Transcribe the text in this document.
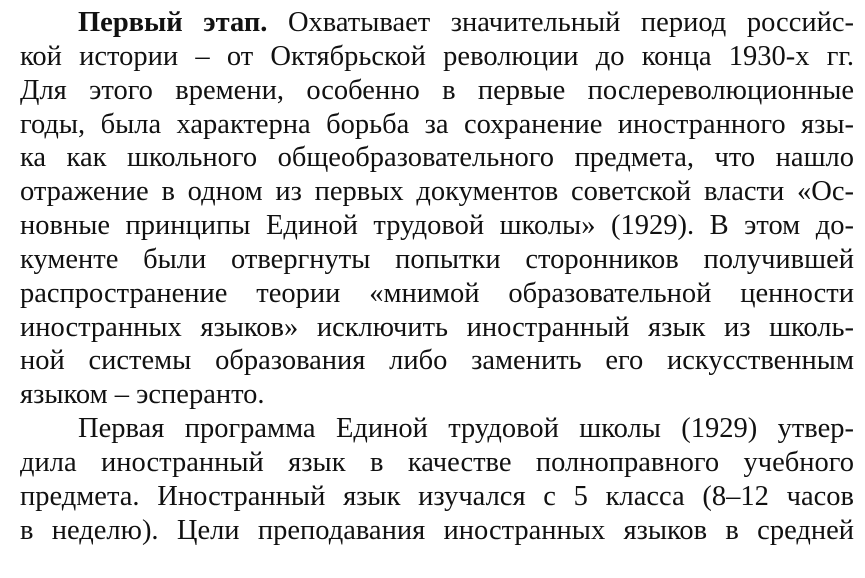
Первый этап. Охватывает значительный период российс-
кой истории – от Октябрьской революции до конца 1930-х гг.
Для этого времени, особенно в первые послереволюционные
годы, была характерна борьба за сохранение иностранного язы-
ка как школьного общеобразовательного предмета, что нашло
отражение в одном из первых документов советской власти «Ос-
новные принципы Единой трудовой школы» (1929). В этом до-
кументе были отвергнуты попытки сторонников получившей
распространение теории «мнимой образовательной ценности
иностранных языков» исключить иностранный язык из школь-
ной системы образования либо заменить его искусственным
языком – эсперанто.
Первая программа Единой трудовой школы (1929) утвер-
дила иностранный язык в качестве полноправного учебного
предмета. Иностранный язык изучался с 5 класса (8–12 часов
в неделю). Цели преподавания иностранных языков в средней
